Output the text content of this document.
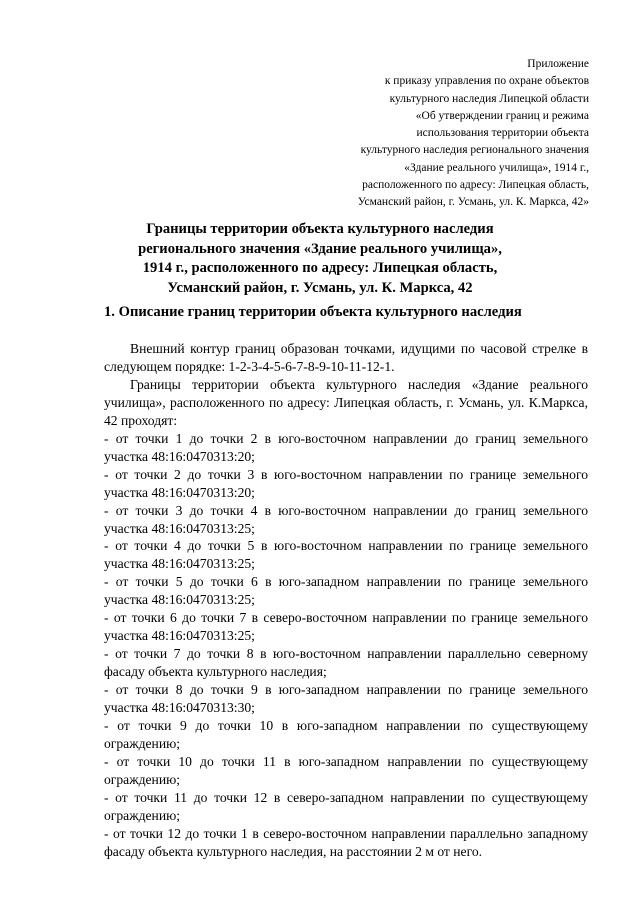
Приложение
к приказу управления по охране объектов
культурного наследия Липецкой области
«Об утверждении границ и режима
использования территории объекта
культурного наследия регионального значения
«Здание реального училища», 1914 г.,
расположенного по адресу: Липецкая область,
Усманский район, г. Усмань, ул. К. Маркса, 42»
Границы территории объекта культурного наследия
регионального значения «Здание реального училища»,
1914 г., расположенного по адресу: Липецкая область,
Усманский район, г. Усмань, ул. К. Маркса, 42
1. Описание границ территории объекта культурного наследия

Внешний контур границ образован точками, идущими по часовой стрелке в следующем порядке: 1-2-3-4-5-6-7-8-9-10-11-12-1.

Границы территории объекта культурного наследия «Здание реального училища», расположенного по адресу: Липецкая область, г. Усмань, ул. К.Маркса, 42 проходят:

- от точки 1 до точки 2 в юго-восточном направлении до границ земельного участка 48:16:0470313:20;

- от точки 2 до точки 3 в юго-восточном направлении по границе земельного участка 48:16:0470313:20;

- от точки 3 до точки 4 в юго-восточном направлении до границ земельного участка 48:16:0470313:25;

- от точки 4 до точки 5 в юго-восточном направлении по границе земельного участка 48:16:0470313:25;

- от точки 5 до точки 6 в юго-западном направлении по границе земельного участка 48:16:0470313:25;

- от точки 6 до точки 7 в северо-восточном направлении по границе земельного участка 48:16:0470313:25;

- от точки 7 до точки 8 в юго-восточном направлении параллельно северному фасаду объекта культурного наследия;

- от точки 8 до точки 9 в юго-западном направлении по границе земельного участка 48:16:0470313:30;

- от точки 9 до точки 10 в юго-западном направлении по существующему ограждению;

- от точки 10 до точки 11 в юго-западном направлении по существующему ограждению;

- от точки 11 до точки 12 в северо-западном направлении по существующему ограждению;

- от точки 12 до точки 1 в северо-восточном направлении параллельно западному фасаду объекта культурного наследия, на расстоянии 2 м от него.
